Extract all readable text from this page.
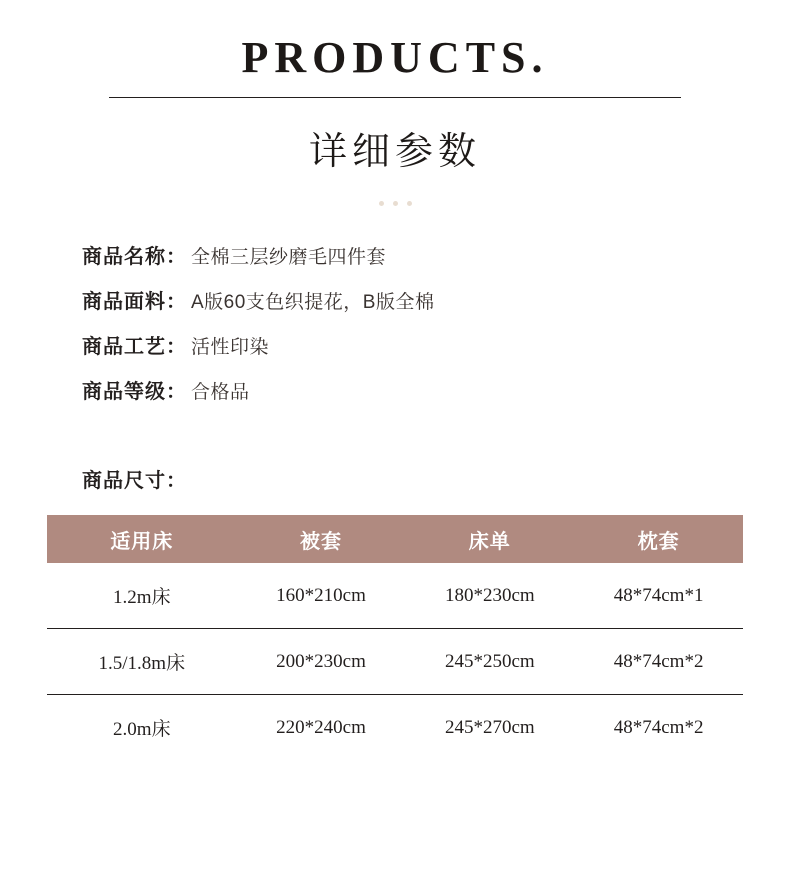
PRODUCTS.
详细参数
商品名称： 全棉三层纱磨毛四件套
商品面料： A版60支色织提花，B版全棉
商品工艺： 活性印染
商品等级： 合格品
商品尺寸：
适用床	被套	床单	枕套
1.2m床	160*210cm	180*230cm	48*74cm*1
1.5/1.8m床	200*230cm	245*250cm	48*74cm*2
2.0m床	220*240cm	245*270cm	48*74cm*2
